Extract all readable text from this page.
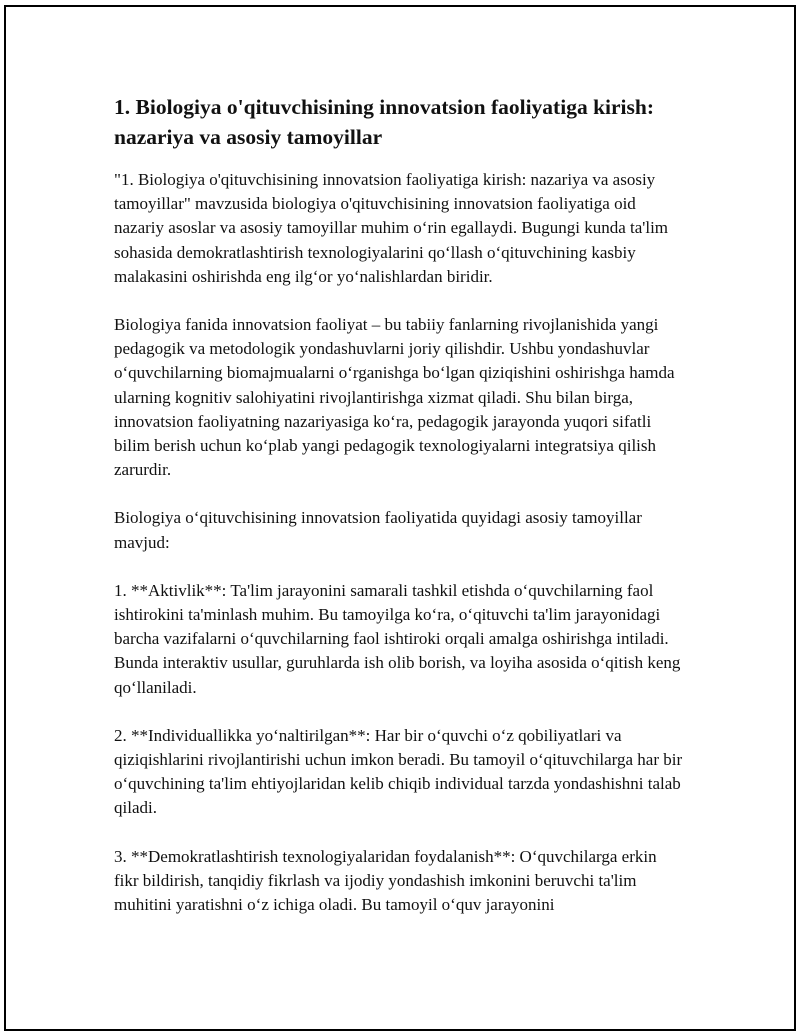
1. Biologiya o'qituvchisining innovatsion faoliyatiga kirish: nazariya va asosiy tamoyillar

"1. Biologiya o'qituvchisining innovatsion faoliyatiga kirish: nazariya va asosiy tamoyillar" mavzusida biologiya o'qituvchisining innovatsion faoliyatiga oid nazariy asoslar va asosiy tamoyillar muhim o‘rin egallaydi. Bugungi kunda ta'lim sohasida demokratlashtirish texnologiyalarini qo‘llash o‘qituvchining kasbiy malakasini oshirishda eng ilg‘or yo‘nalishlardan biridir.

Biologiya fanida innovatsion faoliyat – bu tabiiy fanlarning rivojlanishida yangi pedagogik va metodologik yondashuvlarni joriy qilishdir. Ushbu yondashuvlar o‘quvchilarning biomajmualarni o‘rganishga bo‘lgan qiziqishini oshirishga hamda ularning kognitiv salohiyatini rivojlantirishga xizmat qiladi. Shu bilan birga, innovatsion faoliyatning nazariyasiga ko‘ra, pedagogik jarayonda yuqori sifatli bilim berish uchun ko‘plab yangi pedagogik texnologiyalarni integratsiya qilish zarurdir.

Biologiya o‘qituvchisining innovatsion faoliyatida quyidagi asosiy tamoyillar mavjud:

1. **Aktivlik**: Ta'lim jarayonini samarali tashkil etishda o‘quvchilarning faol ishtirokini ta'minlash muhim. Bu tamoyilga ko‘ra, o‘qituvchi ta'lim jarayonidagi barcha vazifalarni o‘quvchilarning faol ishtiroki orqali amalga oshirishga intiladi. Bunda interaktiv usullar, guruhlarda ish olib borish, va loyiha asosida o‘qitish keng qo‘llaniladi.

2. **Individuallikka yo‘naltirilgan**: Har bir o‘quvchi o‘z qobiliyatlari va qiziqishlarini rivojlantirishi uchun imkon beradi. Bu tamoyil o‘qituvchilarga har bir o‘quvchining ta'lim ehtiyojlaridan kelib chiqib individual tarzda yondashishni talab qiladi.

3. **Demokratlashtirish texnologiyalaridan foydalanish**: O‘quvchilarga erkin fikr bildirish, tanqidiy fikrlash va ijodiy yondashish imkonini beruvchi ta'lim muhitini yaratishni o‘z ichiga oladi. Bu tamoyil o‘quv jarayonini
